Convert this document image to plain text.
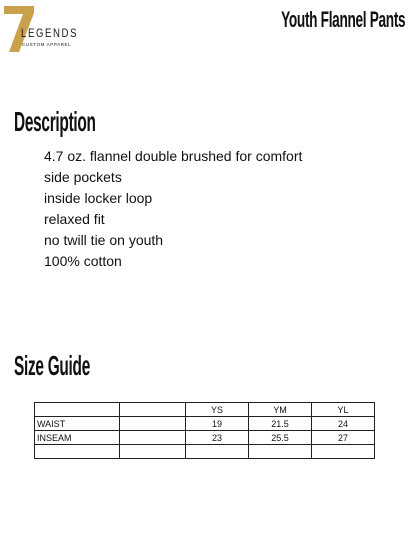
LEGENDS
CUSTOM APPAREL
Youth Flannel Pants
Description
4.7 oz. flannel double brushed for comfort
side pockets
inside locker loop
relaxed fit
no twill tie on youth
100% cotton
Size Guide
		YS	YM	YL
WAIST		19	21.5	24
INSEAM		23	25.5	27
